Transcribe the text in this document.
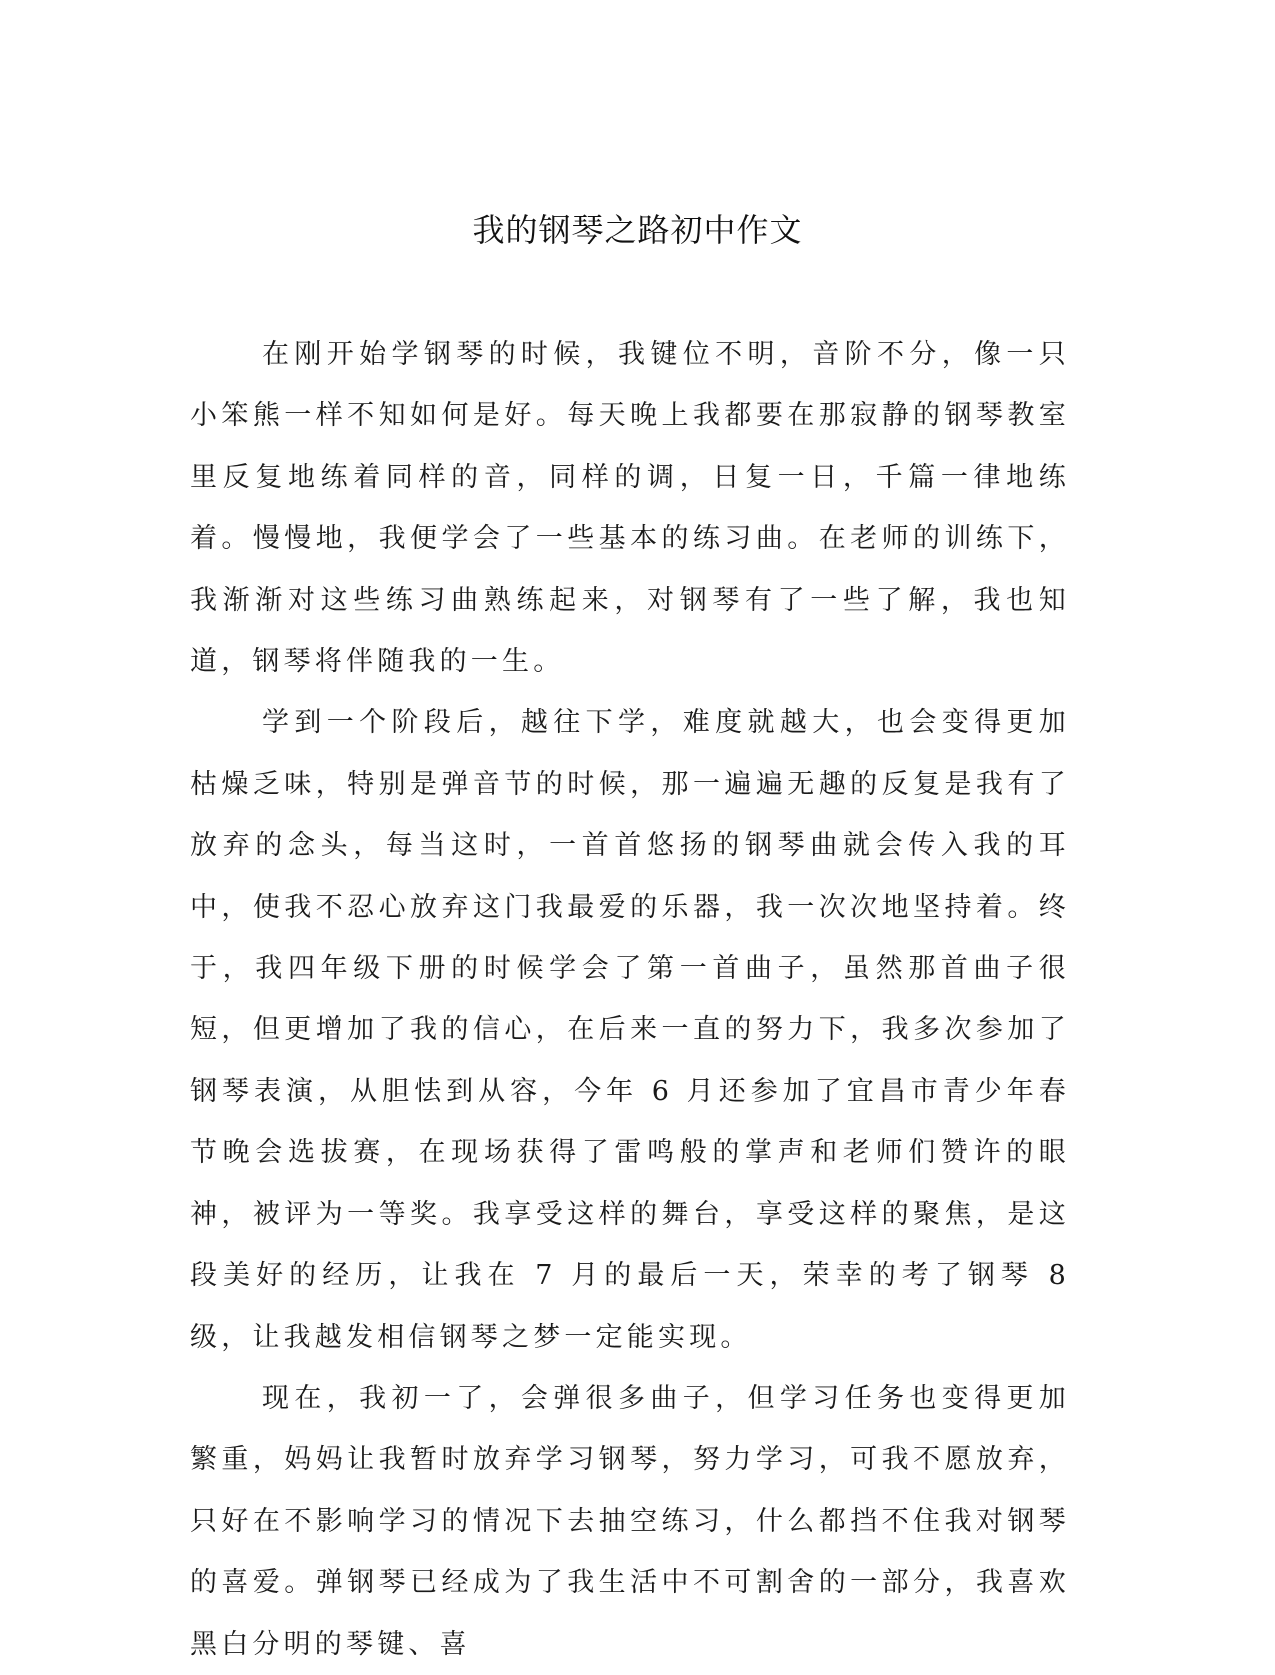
我的钢琴之路初中作文

在刚开始学钢琴的时候，我键位不明，音阶不分，像一只小笨熊一样不知如何是好。每天晚上我都要在那寂静的钢琴教室里反复地练着同样的音，同样的调，日复一日，千篇一律地练着。慢慢地，我便学会了一些基本的练习曲。在老师的训练下，我渐渐对这些练习曲熟练起来，对钢琴有了一些了解，我也知道，钢琴将伴随我的一生。

学到一个阶段后，越往下学，难度就越大，也会变得更加枯燥乏味，特别是弹音节的时候，那一遍遍无趣的反复是我有了放弃的念头，每当这时，一首首悠扬的钢琴曲就会传入我的耳中，使我不忍心放弃这门我最爱的乐器，我一次次地坚持着。终于，我四年级下册的时候学会了第一首曲子，虽然那首曲子很短，但更增加了我的信心，在后来一直的努力下，我多次参加了钢琴表演，从胆怯到从容，今年 6 月还参加了宜昌市青少年春节晚会选拔赛，在现场获得了雷鸣般的掌声和老师们赞许的眼神，被评为一等奖。我享受这样的舞台，享受这样的聚焦，是这段美好的经历，让我在 7 月的最后一天，荣幸的考了钢琴 8 级，让我越发相信钢琴之梦一定能实现。

现在，我初一了，会弹很多曲子，但学习任务也变得更加繁重，妈妈让我暂时放弃学习钢琴，努力学习，可我不愿放弃，只好在不影响学习的情况下去抽空练习，什么都挡不住我对钢琴的喜爱。弹钢琴已经成为了我生活中不可割舍的一部分，我喜欢黑白分明的琴键、喜
